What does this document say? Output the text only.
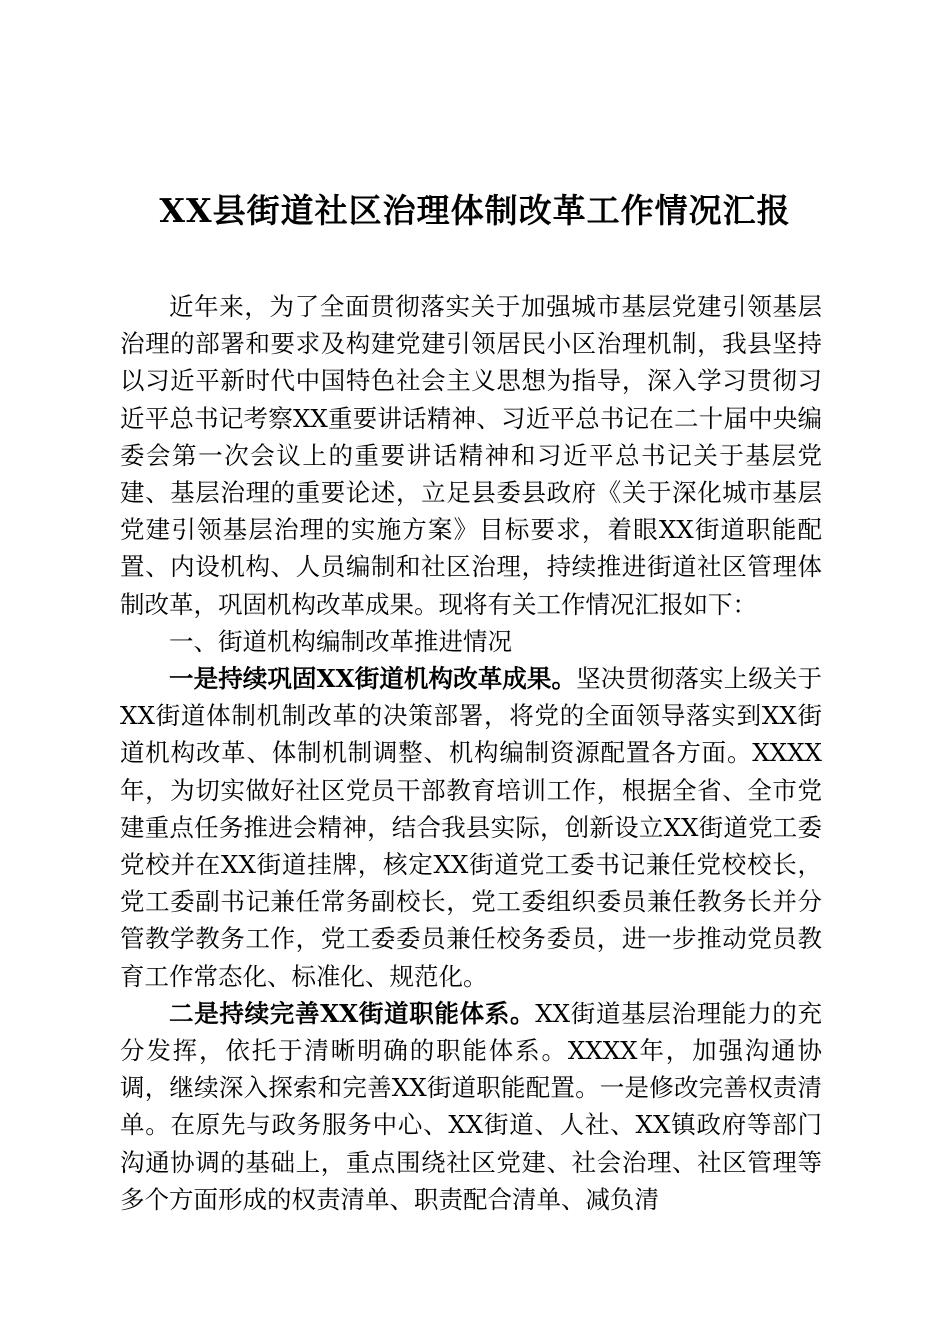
XX县街道社区治理体制改革工作情况汇报

近年来，为了全面贯彻落实关于加强城市基层党建引领基层治理的部署和要求及构建党建引领居民小区治理机制，我县坚持以习近平新时代中国特色社会主义思想为指导，深入学习贯彻习近平总书记考察XX重要讲话精神、习近平总书记在二十届中央编委会第一次会议上的重要讲话精神和习近平总书记关于基层党建、基层治理的重要论述，立足县委县政府《关于深化城市基层党建引领基层治理的实施方案》目标要求，着眼XX街道职能配置、内设机构、人员编制和社区治理，持续推进街道社区管理体制改革，巩固机构改革成果。现将有关工作情况汇报如下：

一、街道机构编制改革推进情况

一是持续巩固XX街道机构改革成果。坚决贯彻落实上级关于XX街道体制机制改革的决策部署，将党的全面领导落实到XX街道机构改革、体制机制调整、机构编制资源配置各方面。XXXX年，为切实做好社区党员干部教育培训工作，根据全省、全市党建重点任务推进会精神，结合我县实际，创新设立XX街道党工委党校并在XX街道挂牌，核定XX街道党工委书记兼任党校校长，党工委副书记兼任常务副校长，党工委组织委员兼任教务长并分管教学教务工作，党工委委员兼任校务委员，进一步推动党员教育工作常态化、标准化、规范化。

二是持续完善XX街道职能体系。XX街道基层治理能力的充分发挥，依托于清晰明确的职能体系。XXXX年，加强沟通协调，继续深入探索和完善XX街道职能配置。一是修改完善权责清单。在原先与政务服务中心、XX街道、人社、XX镇政府等部门沟通协调的基础上，重点围绕社区党建、社会治理、社区管理等多个方面形成的权责清单、职责配合清单、减负清
